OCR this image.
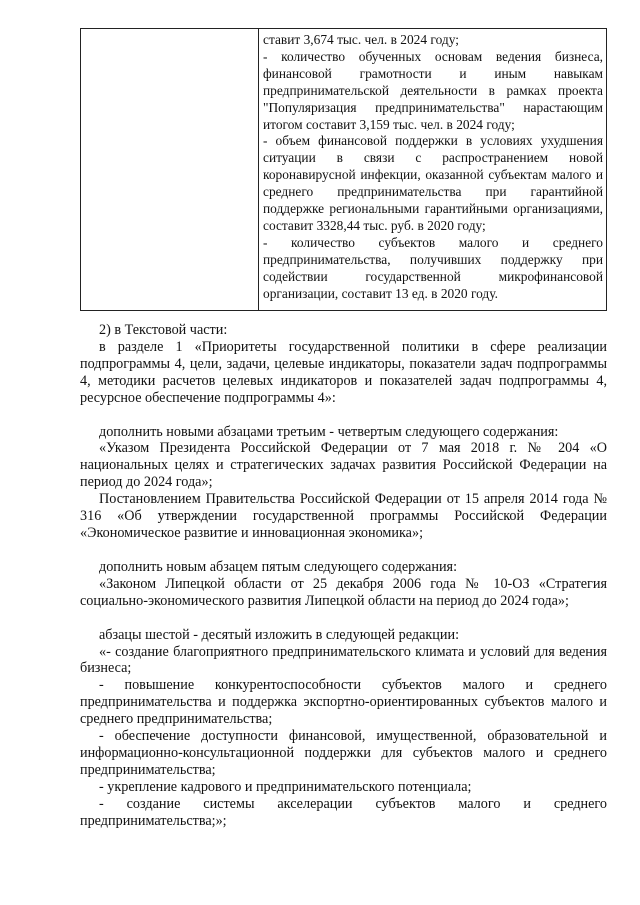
ставит 3,674 тыс. чел. в 2024 году;

- количество обученных основам ведения бизнеса, финансовой грамотности и иным навыкам предпринимательской деятельности в рамках проекта "Популяризация предпринимательства" нарастающим итогом составит 3,159 тыс. чел. в 2024 году;

- объем финансовой поддержки в условиях ухудшения ситуации в связи с распространением новой коронавирусной инфекции, оказанной субъектам малого и среднего предпринимательства при гарантийной поддержке региональными гарантийными организациями, составит 3328,44 тыс. руб. в 2020 году;

- количество субъектов малого и среднего предпринимательства, получивших поддержку при содействии государственной микрофинансовой организации, составит 13 ед. в 2020 году.

2) в Текстовой части:

в разделе 1 «Приоритеты государственной политики в сфере реализации подпрограммы 4, цели, задачи, целевые индикаторы, показатели задач подпрограммы 4, методики расчетов целевых индикаторов и показателей задач подпрограммы 4, ресурсное обеспечение подпрограммы 4»:

дополнить новыми абзацами третьим - четвертым следующего содержания:

«Указом Президента Российской Федерации от 7 мая 2018 г. № 204 «О национальных целях и стратегических задачах развития Российской Федерации на период до 2024 года»;

Постановлением Правительства Российской Федерации от 15 апреля 2014 года № 316 «Об утверждении государственной программы Российской Федерации «Экономическое развитие и инновационная экономика»;

дополнить новым абзацем пятым следующего содержания:

«Законом Липецкой области от 25 декабря 2006 года № 10-ОЗ «Стратегия социально-экономического развития Липецкой области на период до 2024 года»;

абзацы шестой - десятый изложить в следующей редакции:

«- создание благоприятного предпринимательского климата и условий для ведения бизнеса;

- повышение конкурентоспособности субъектов малого и среднего предпринимательства и поддержка экспортно-ориентированных субъектов малого и среднего предпринимательства;

- обеспечение доступности финансовой, имущественной, образовательной и информационно-консультационной поддержки для субъектов малого и среднего предпринимательства;

- укрепление кадрового и предпринимательского потенциала;

- создание системы акселерации субъектов малого и среднего предпринимательства;»;
